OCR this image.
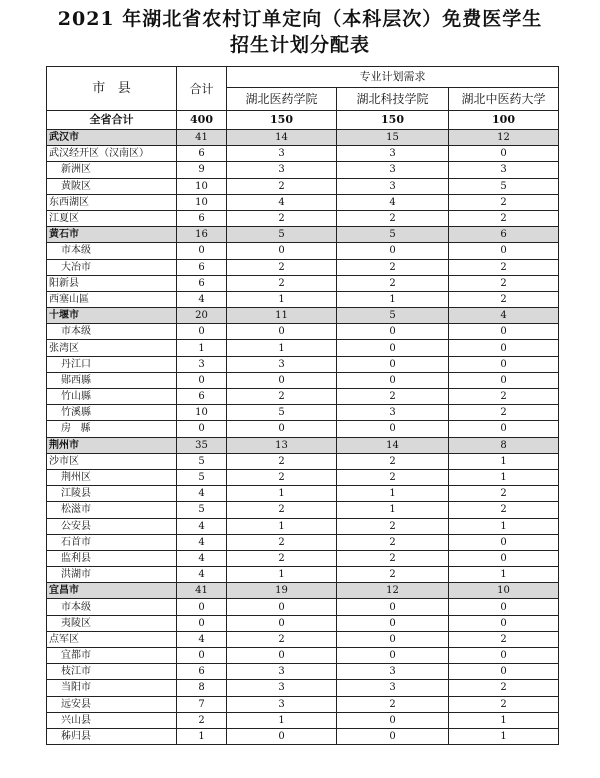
2021 年湖北省农村订单定向（本科层次）免费医学生
招生计划分配表
市   县	合计	专业计划需求		
		湖北医药学院	湖北科技学院	湖北中医药大学
全省合计	400	150	150	100
武汉市	41	14	15	12
武汉经开区（汉南区）	6	3	3	0
新洲区	9	3	3	3
黄陂区	10	2	3	5
东西湖区	10	4	4	2
江夏区	6	2	2	2
黄石市	16	5	5	6
市本级	0	0	0	0
大冶市	6	2	2	2
阳新县	6	2	2	2
西塞山區	4	1	1	2
十堰市	20	11	5	4
市本级	0	0	0	0
张湾区	1	1	0	0
丹江口	3	3	0	0
郧西縣	0	0	0	0
竹山縣	6	2	2	2
竹溪縣	10	5	3	2
房   縣	0	0	0	0
荆州市	35	13	14	8
沙市区	5	2	2	1
荆州区	5	2	2	1
江陵县	4	1	1	2
松滋市	5	2	1	2
公安县	4	1	2	1
石首市	4	2	2	0
监利县	4	2	2	0
洪湖市	4	1	2	1
宜昌市	41	19	12	10
市本级	0	0	0	0
夷陵区	0	0	0	0
点军区	4	2	0	2
宜都市	0	0	0	0
枝江市	6	3	3	0
当阳市	8	3	3	2
远安县	7	3	2	2
兴山县	2	1	0	1
秭归县	1	0	0	1
